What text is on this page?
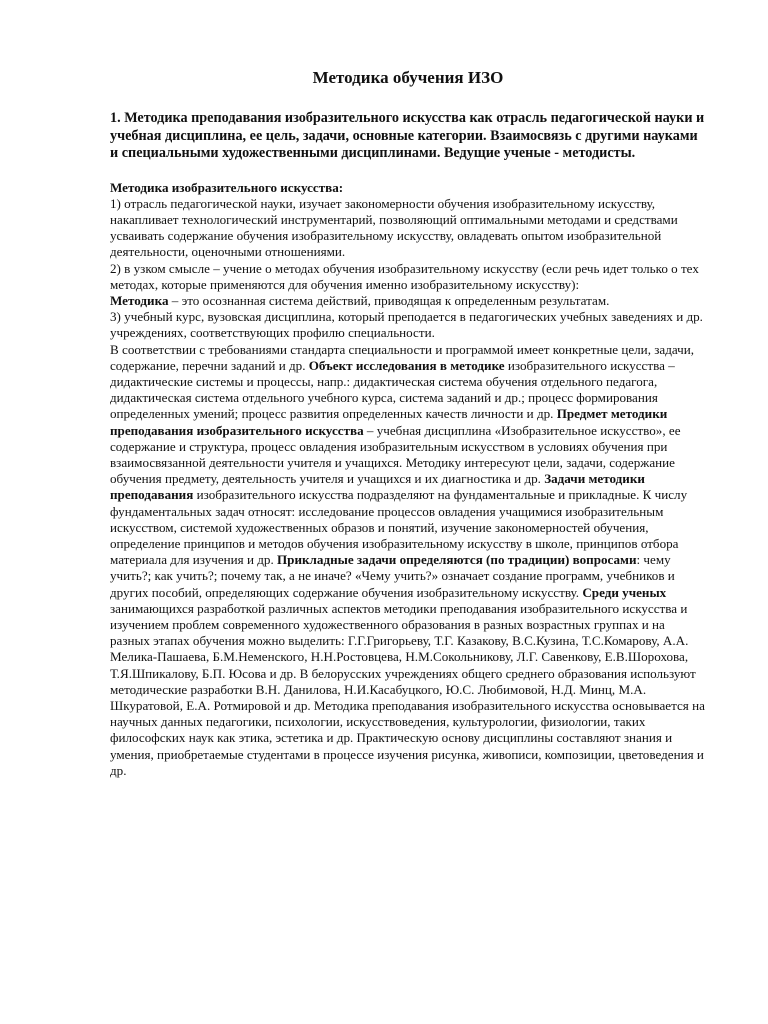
Методика обучения ИЗО
1. Методика преподавания изобразительного искусства как отрасль педагогической науки и учебная дисциплина, ее цель, задачи, основные категории. Взаимосвязь с другими науками и специальными художественными дисциплинами. Ведущие ученые - методисты.

Методика изобразительного искусства:

1) отрасль педагогической науки, изучает закономерности обучения изобразительному искусству, накапливает технологический инструментарий, позволяющий оптимальными методами и средствами усваивать содержание обучения изобразительному искусству, овладевать опытом изобразительной деятельности, оценочными отношениями.

2) в узком смысле – учение о методах обучения изобразительному искусству (если речь идет только о тех методах, которые применяются для обучения именно изобразительному искусству):

Методика – это осознанная система действий, приводящая к определенным результатам.

3) учебный курс, вузовская дисциплина, который преподается в педагогических учебных заведениях и др. учреждениях, соответствующих профилю специальности.

В соответствии с требованиями стандарта специальности и программой имеет конкретные цели, задачи, содержание, перечни заданий и др. Объект исследования в методике изобразительного искусства – дидактические системы и процессы, напр.: дидактическая система обучения отдельного педагога, дидактическая система отдельного учебного курса, система заданий и др.; процесс формирования определенных умений; процесс развития определенных качеств личности и др. Предмет методики преподавания изобразительного искусства – учебная дисциплина «Изобразительное искусство», ее содержание и структура, процесс овладения изобразительным искусством в условиях обучения при взаимосвязанной деятельности учителя и учащихся. Методику интересуют цели, задачи, содержание обучения предмету, деятельность учителя и учащихся и их диагностика и др. Задачи методики преподавания изобразительного искусства подразделяют на фундаментальные и прикладные. К числу фундаментальных задач относят: исследование процессов овладения учащимися изобразительным искусством, системой художественных образов и понятий, изучение закономерностей обучения, определение принципов и методов обучения изобразительному искусству в школе, принципов отбора материала для изучения и др. Прикладные задачи определяются (по традиции) вопросами: чему учить?; как учить?; почему так, а не иначе? «Чему учить?» означает создание программ, учебников и других пособий, определяющих содержание обучения изобразительному искусству. Среди ученых занимающихся разработкой различных аспектов методики преподавания изобразительного искусства и изучением проблем современного художественного образования в разных возрастных группах и на разных этапах обучения можно выделить: Г.Г.Григорьеву, Т.Г. Казакову, В.С.Кузина, Т.С.Комарову, А.А. Мелика-Пашаева, Б.М.Неменского, Н.Н.Ростовцева, Н.М.Сокольникову, Л.Г. Савенкову, Е.В.Шорохова, Т.Я.Шпикалову, Б.П. Юсова и др. В белорусских учреждениях общего среднего образования используют методические разработки В.Н. Данилова, Н.И.Касабуцкого, Ю.С. Любимовой, Н.Д. Минц, М.А. Шкуратовой, Е.А. Ротмировой и др. Методика преподавания изобразительного искусства основывается на научных данных педагогики, психологии, искусствоведения, культурологии, физиологии, таких философских наук как этика, эстетика и др. Практическую основу дисциплины составляют знания и умения, приобретаемые студентами в процессе изучения рисунка, живописи, композиции, цветоведения и др.
